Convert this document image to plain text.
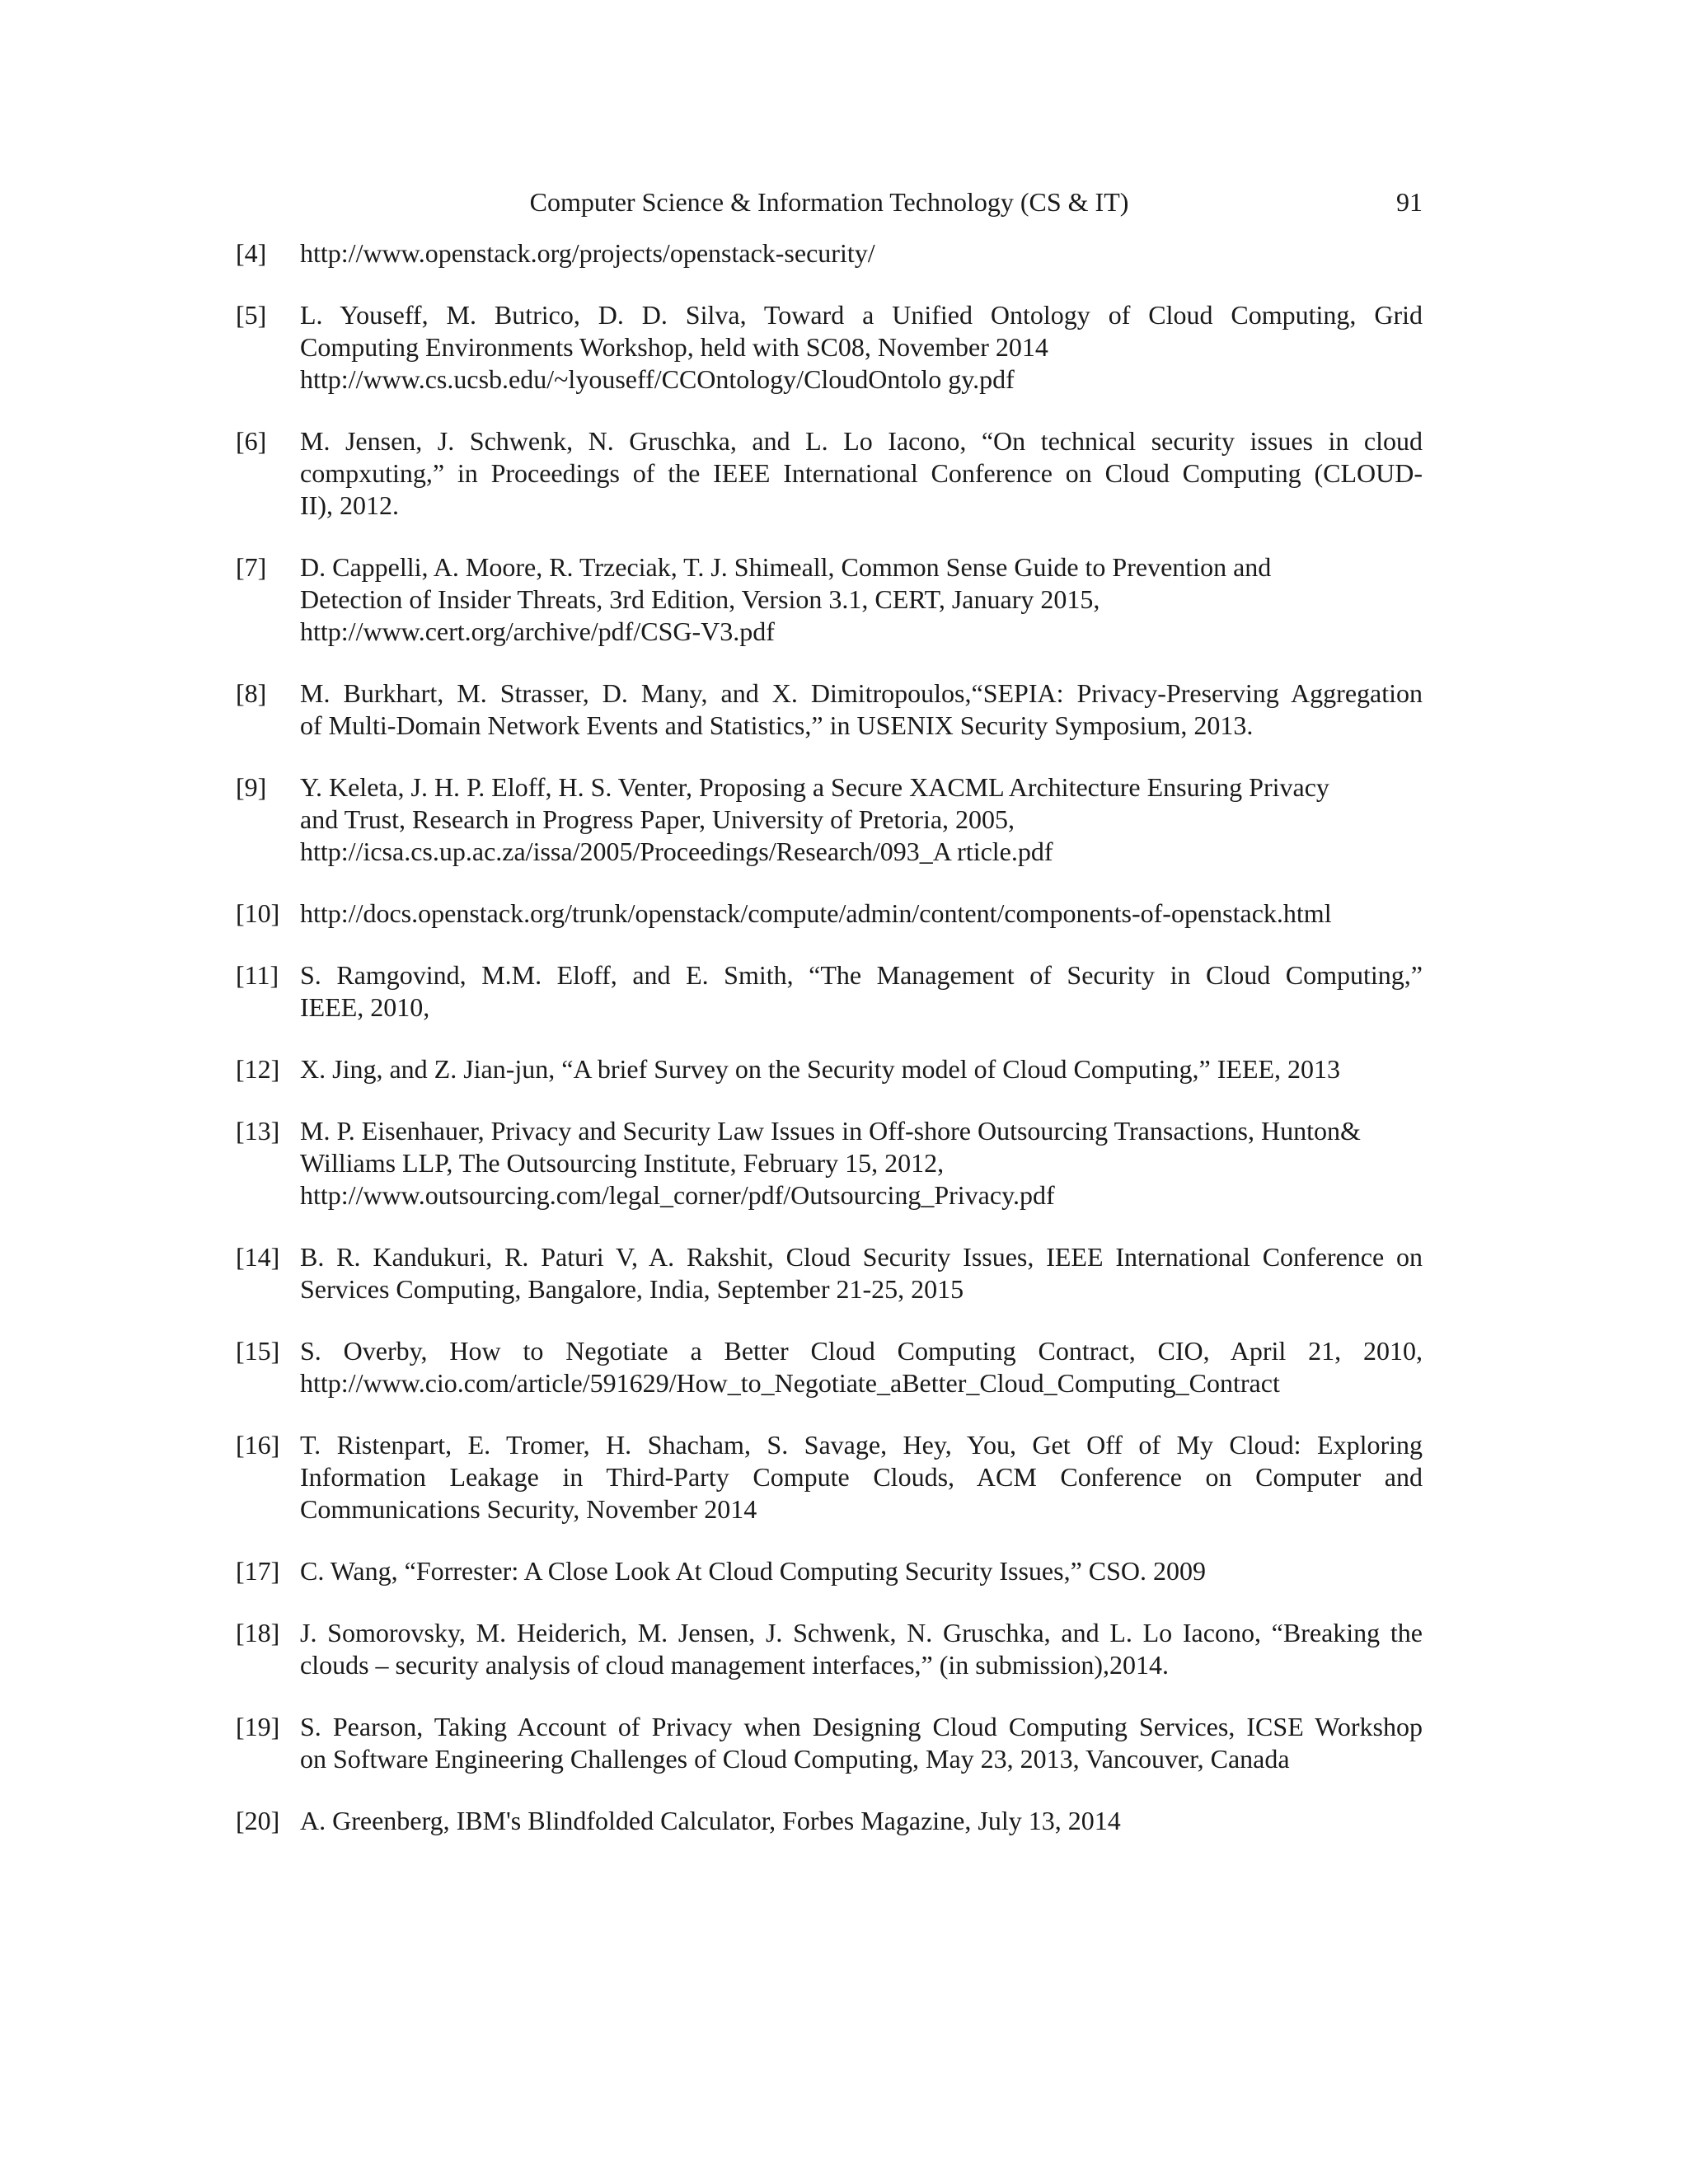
Computer Science & Information Technology (CS & IT)	91
[4] http://www.openstack.org/projects/openstack-security/
[5] L. Youseff, M. Butrico, D. D. Silva, Toward a Unified Ontology of Cloud Computing, Grid
Computing Environments Workshop, held with SC08, November 2014
http://www.cs.ucsb.edu/~lyouseff/CCOntology/CloudOntolo gy.pdf
[6] M. Jensen, J. Schwenk, N. Gruschka, and L. Lo Iacono, “On technical security issues in cloud
compxuting,” in Proceedings of the IEEE International Conference on Cloud Computing (CLOUD-
II), 2012.
[7] D. Cappelli, A. Moore, R. Trzeciak, T. J. Shimeall, Common Sense Guide to Prevention and
Detection of Insider Threats, 3rd Edition, Version 3.1, CERT, January 2015,
http://www.cert.org/archive/pdf/CSG-V3.pdf
[8] M. Burkhart, M. Strasser, D. Many, and X. Dimitropoulos,“SEPIA: Privacy-Preserving Aggregation
of Multi-Domain Network Events and Statistics,” in USENIX Security Symposium, 2013.
[9] Y. Keleta, J. H. P. Eloff, H. S. Venter, Proposing a Secure XACML Architecture Ensuring Privacy
and Trust, Research in Progress Paper, University of Pretoria, 2005,
http://icsa.cs.up.ac.za/issa/2005/Proceedings/Research/093_A rticle.pdf
[10] http://docs.openstack.org/trunk/openstack/compute/admin/content/components-of-openstack.html
[11] S. Ramgovind, M.M. Eloff, and E. Smith, “The Management of Security in Cloud Computing,”
IEEE, 2010,
[12] X. Jing, and Z. Jian-jun, “A brief Survey on the Security model of Cloud Computing,” IEEE, 2013
[13] M. P. Eisenhauer, Privacy and Security Law Issues in Off-shore Outsourcing Transactions, Hunton&
Williams LLP, The Outsourcing Institute, February 15, 2012,
http://www.outsourcing.com/legal_corner/pdf/Outsourcing_Privacy.pdf
[14] B. R. Kandukuri, R. Paturi V, A. Rakshit, Cloud Security Issues, IEEE International Conference on
Services Computing, Bangalore, India, September 21-25, 2015
[15] S. Overby, How to Negotiate a Better Cloud Computing Contract, CIO, April 21, 2010,
http://www.cio.com/article/591629/How_to_Negotiate_aBetter_Cloud_Computing_Contract
[16] T. Ristenpart, E. Tromer, H. Shacham, S. Savage, Hey, You, Get Off of My Cloud: Exploring
Information Leakage in Third-Party Compute Clouds, ACM Conference on Computer and
Communications Security, November 2014
[17] C. Wang, “Forrester: A Close Look At Cloud Computing Security Issues,” CSO. 2009
[18] J. Somorovsky, M. Heiderich, M. Jensen, J. Schwenk, N. Gruschka, and L. Lo Iacono, “Breaking the
clouds – security analysis of cloud management interfaces,” (in submission),2014.
[19] S. Pearson, Taking Account of Privacy when Designing Cloud Computing Services, ICSE Workshop
on Software Engineering Challenges of Cloud Computing, May 23, 2013, Vancouver, Canada
[20] A. Greenberg, IBM's Blindfolded Calculator, Forbes Magazine, July 13, 2014
